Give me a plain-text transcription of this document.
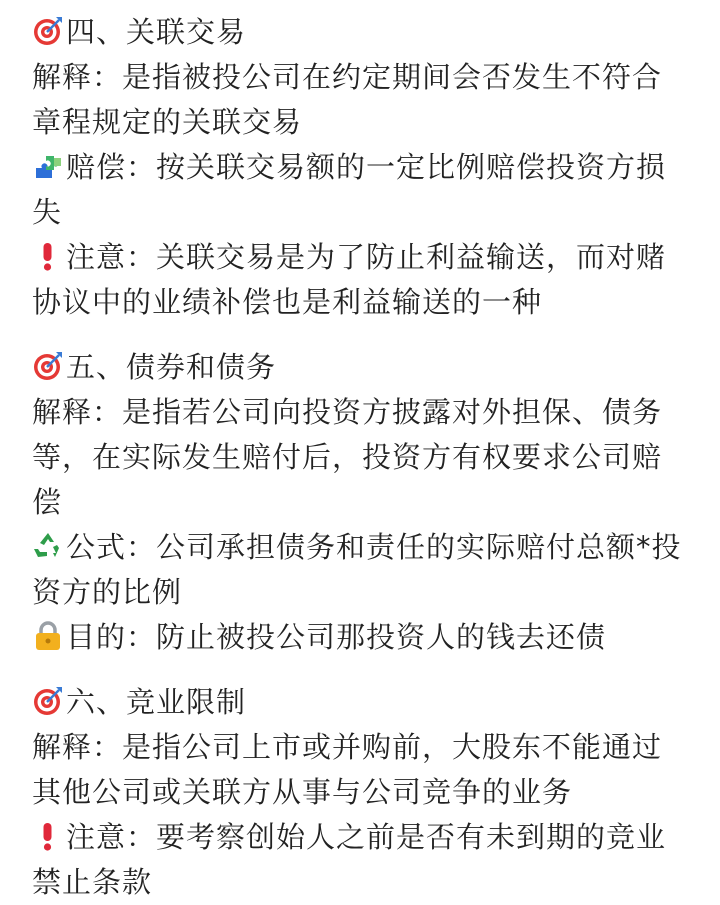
四、关联交易
解释：是指被投公司在约定期间会否发生不符合章程规定的关联交易
赔偿：按关联交易额的一定比例赔偿投资方损失
注意：关联交易是为了防止利益输送，而对赌协议中的业绩补偿也是利益输送的一种
五、债券和债务
解释：是指若公司向投资方披露对外担保、债务等，在实际发生赔付后，投资方有权要求公司赔偿
公式：公司承担债务和责任的实际赔付总额*投资方的比例
目的：防止被投公司那投资人的钱去还债
六、竞业限制
解释：是指公司上市或并购前，大股东不能通过其他公司或关联方从事与公司竞争的业务
注意：要考察创始人之前是否有未到期的竞业禁止条款
